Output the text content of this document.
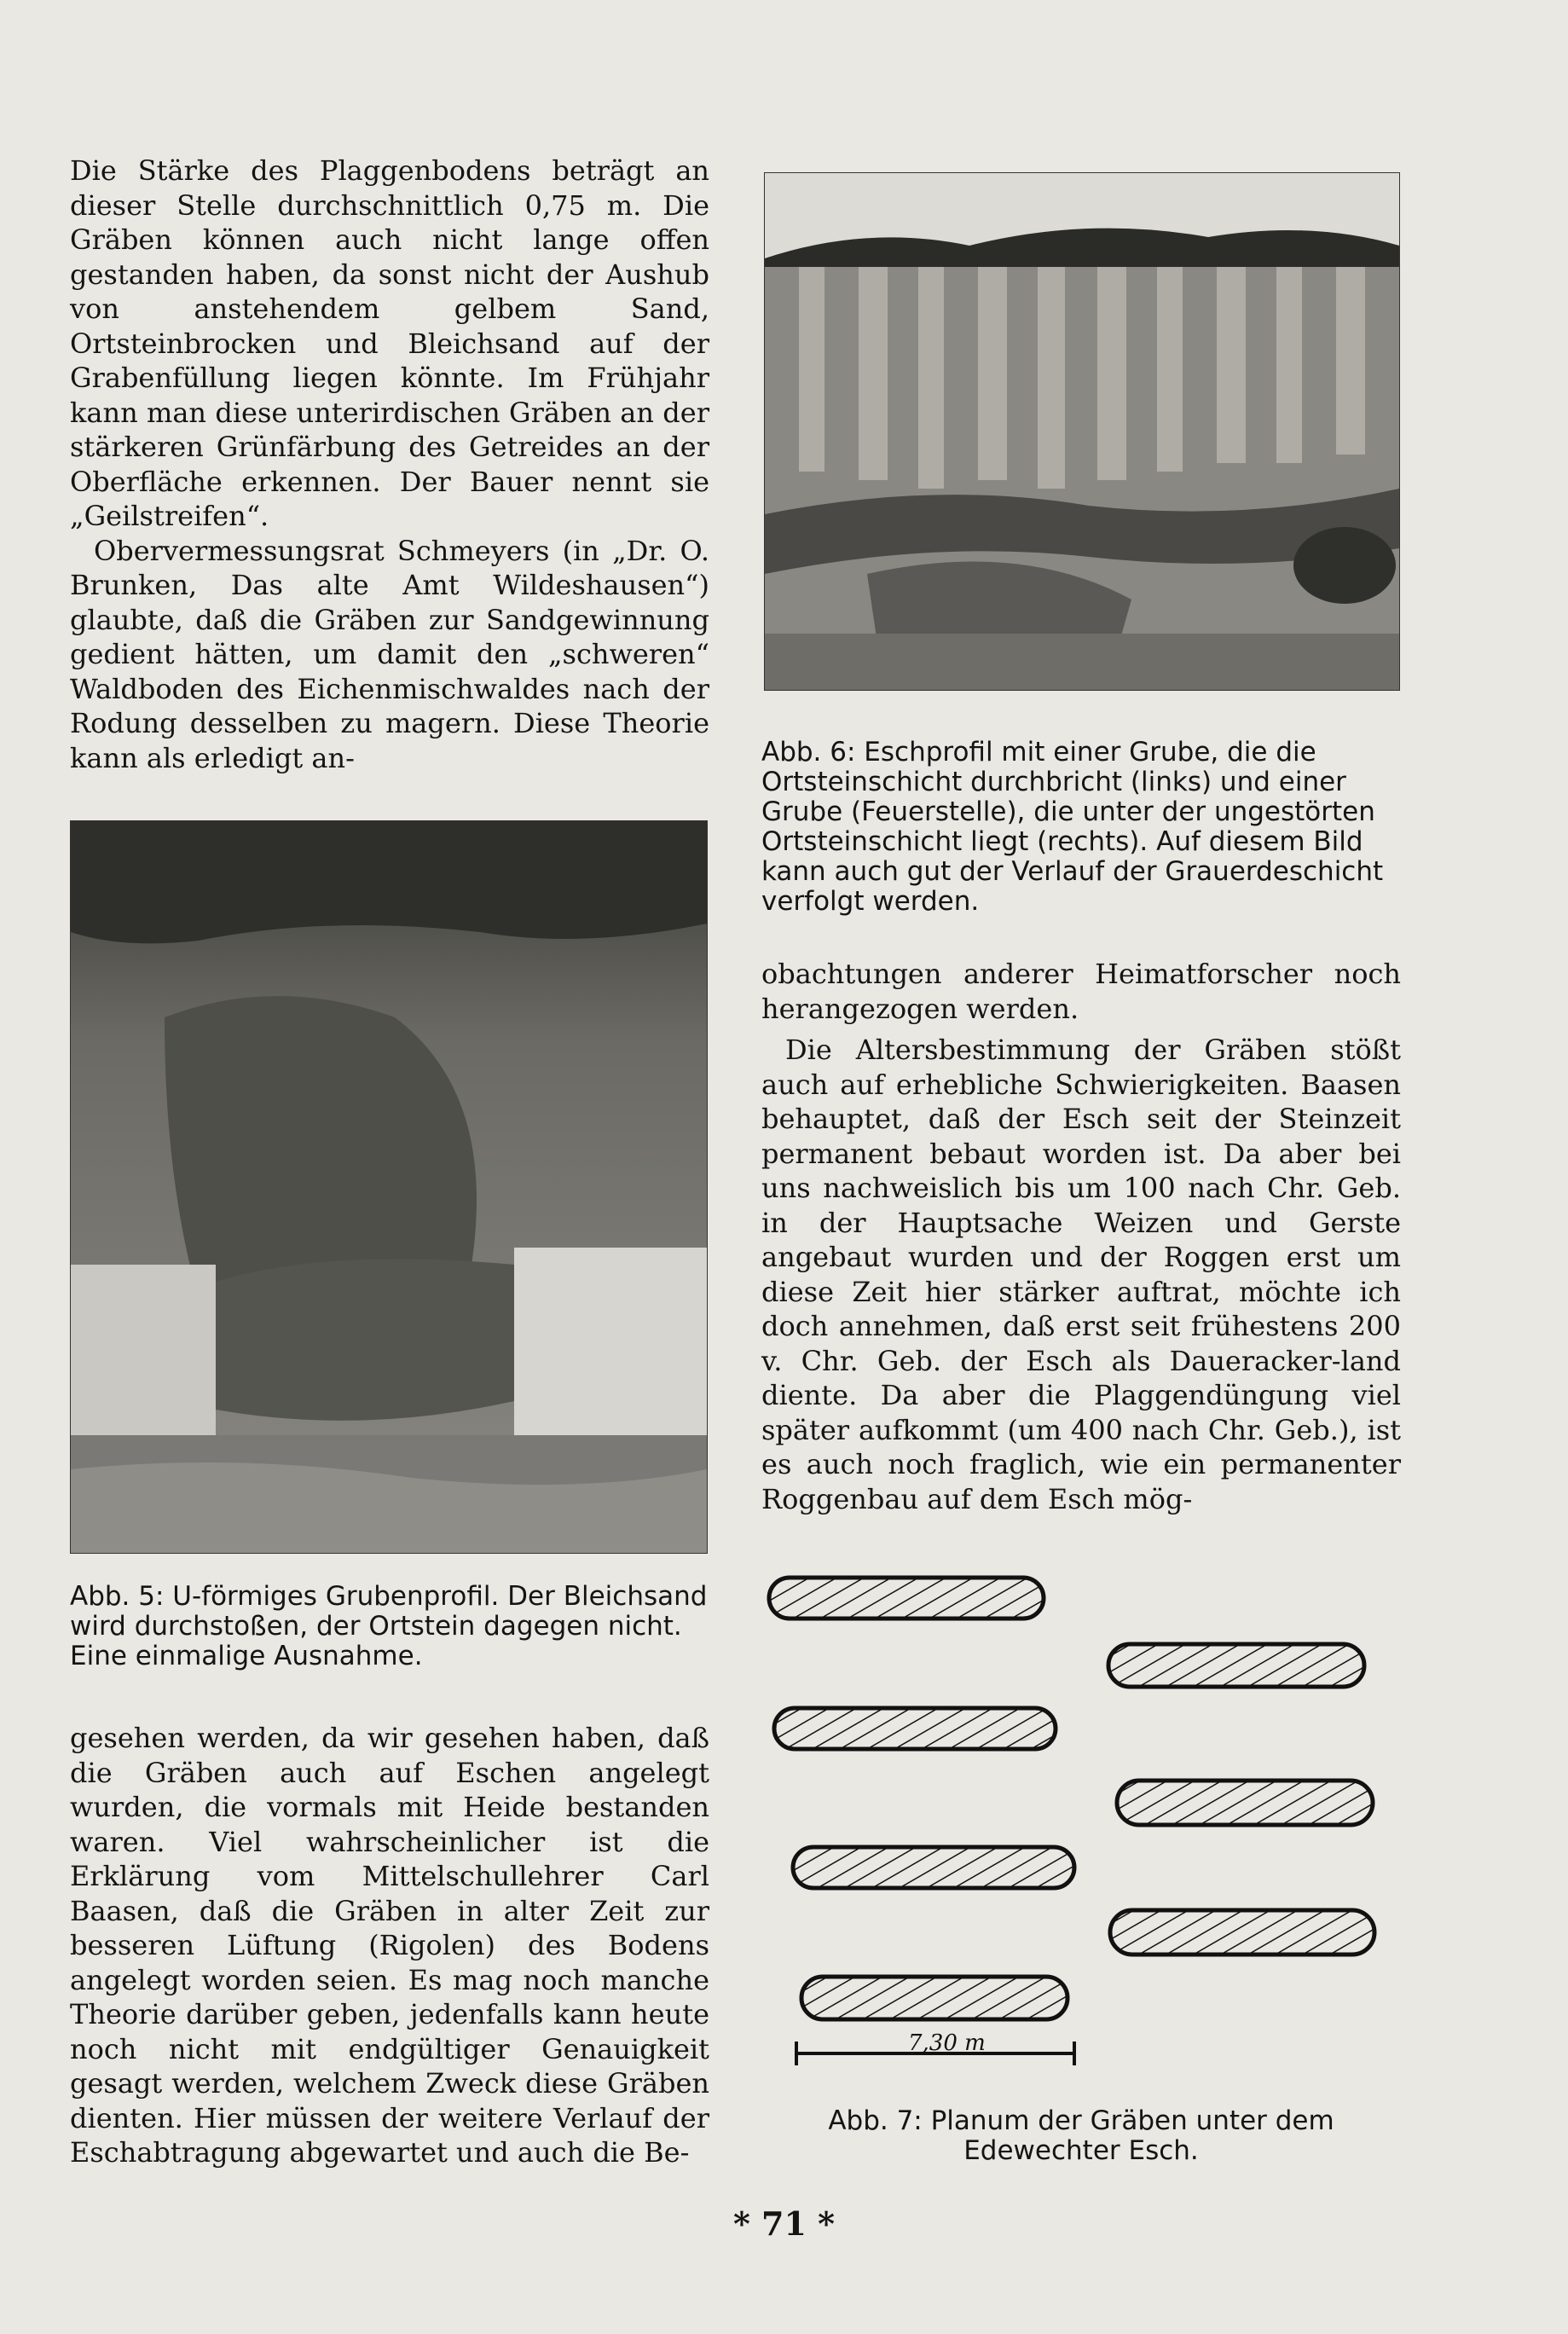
Die Stärke des Plaggenbodens beträgt an dieser Stelle durchschnittlich 0,75 m. Die Gräben können auch nicht lange offen gestanden haben, da sonst nicht der Aushub von anstehendem gelbem Sand, Ortsteinbrocken und Bleichsand auf der Grabenfüllung liegen könnte. Im Frühjahr kann man diese unterirdischen Gräben an der stärkeren Grünfärbung des Getreides an der Oberfläche erkennen. Der Bauer nennt sie „Geilstreifen“.

Obervermessungsrat Schmeyers (in „Dr. O. Brunken, Das alte Amt Wildeshausen“) glaubte, daß die Gräben zur Sandgewinnung gedient hätten, um damit den „schweren“ Waldboden des Eichenmischwaldes nach der Rodung desselben zu magern. Diese Theorie kann als erledigt an-

Abb. 5: U-förmiges Grubenprofil. Der Bleichsand wird durchstoßen, der Ortstein dagegen nicht. Eine einmalige Ausnahme.

gesehen werden, da wir gesehen haben, daß die Gräben auch auf Eschen angelegt wurden, die vormals mit Heide bestanden waren. Viel wahrscheinlicher ist die Erklärung vom Mittelschullehrer Carl Baasen, daß die Gräben in alter Zeit zur besseren Lüftung (Rigolen) des Bodens angelegt worden seien. Es mag noch manche Theorie darüber geben, jedenfalls kann heute noch nicht mit endgültiger Genauigkeit gesagt werden, welchem Zweck diese Gräben dienten. Hier müssen der weitere Verlauf der Eschabtragung abgewartet und auch die Be-

Abb. 6: Eschprofil mit einer Grube, die die Ortsteinschicht durchbricht (links) und einer Grube (Feuerstelle), die unter der ungestörten Ortsteinschicht liegt (rechts). Auf diesem Bild kann auch gut der Verlauf der Grauerdeschicht verfolgt werden.

obachtungen anderer Heimatforscher noch herangezogen werden.

Die Altersbestimmung der Gräben stößt auch auf erhebliche Schwierigkeiten. Baasen behauptet, daß der Esch seit der Steinzeit permanent bebaut worden ist. Da aber bei uns nachweislich bis um 100 nach Chr. Geb. in der Hauptsache Weizen und Gerste angebaut wurden und der Roggen erst um diese Zeit hier stärker auftrat, möchte ich doch annehmen, daß erst seit frühestens 200 v. Chr. Geb. der Esch als Daueracker-land diente. Da aber die Plaggendüngung viel später aufkommt (um 400 nach Chr. Geb.), ist es auch noch fraglich, wie ein permanenter Roggenbau auf dem Esch mög-

7,30 m

Abb. 7: Planum der Gräben unter dem

Edewechter Esch.

* 71 *
